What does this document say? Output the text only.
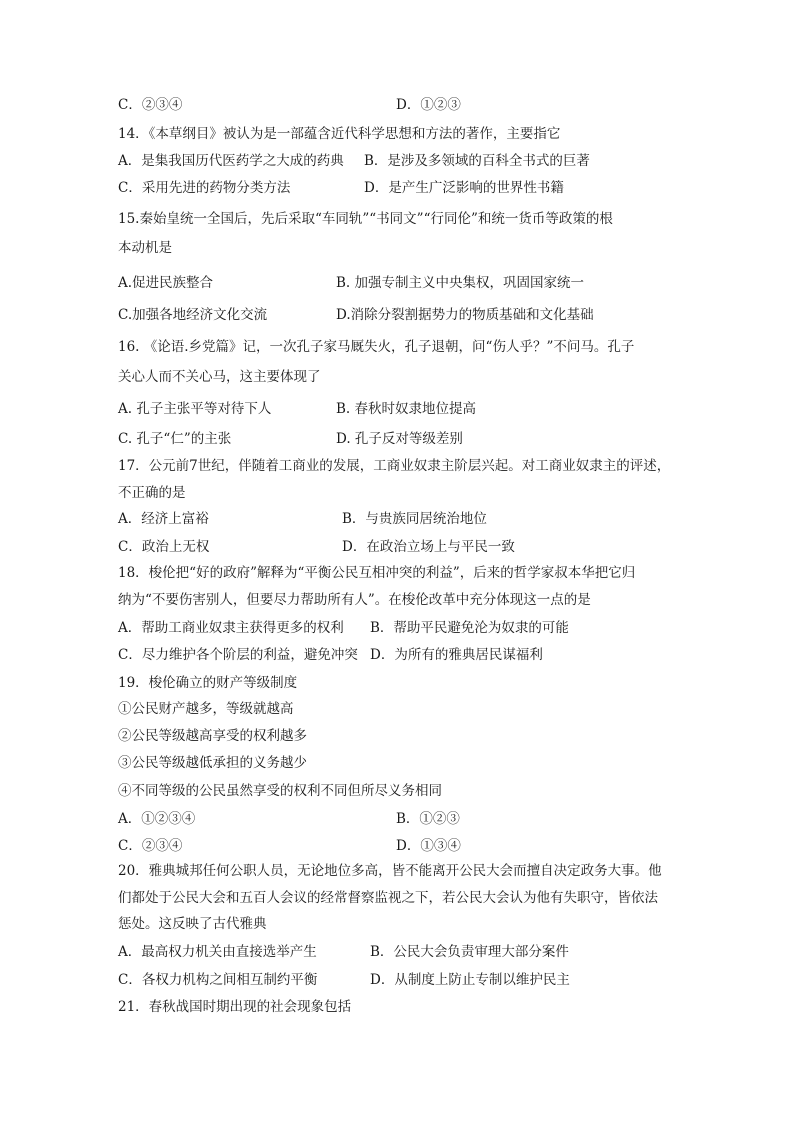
C．②③④	D．①②③
14．《本草纲目》被认为是一部蕴含近代科学思想和方法的著作，主要指它
A．是集我国历代医药学之大成的药典 B．是涉及多领域的百科全书式的巨著
C．采用先进的药物分类方法	D．是产生广泛影响的世界性书籍
15.秦始皇统一全国后，先后采取“车同轨”“书同文”“行同伦”和统一货币等政策的根
本动机是
A.促进民族整合	B. 加强专制主义中央集权，巩固国家统一
C.加强各地经济文化交流	D.消除分裂割据势力的物质基础和文化基础
16. 《论语.乡党篇》记，一次孔子家马厩失火，孔子退朝，问“伤人乎？”不问马。孔子
关心人而不关心马，这主要体现了
A. 孔子主张平等对待下人	B. 春秋时奴隶地位提高
C. 孔子“仁”的主张	D. 孔子反对等级差别
17．公元前7世纪，伴随着工商业的发展，工商业奴隶主阶层兴起。对工商业奴隶主的评述，
不正确的是
A．经济上富裕	B．与贵族同居统治地位
C．政治上无权	D．在政治立场上与平民一致
18．梭伦把“好的政府”解释为“平衡公民互相冲突的利益”，后来的哲学家叔本华把它归
纳为“不要伤害别人，但要尽力帮助所有人”。在梭伦改革中充分体现这一点的是
A．帮助工商业奴隶主获得更多的权利 B．帮助平民避免沦为奴隶的可能
C．尽力维护各个阶层的利益，避免冲突 D．为所有的雅典居民谋福利
19．梭伦确立的财产等级制度
①公民财产越多，等级就越高
②公民等级越高享受的权利越多
③公民等级越低承担的义务越少
④不同等级的公民虽然享受的权利不同但所尽义务相同
A．①②③④	B．①②③
C．②③④	D．①③④
20．雅典城邦任何公职人员，无论地位多高，皆不能离开公民大会而擅自决定政务大事。他
们都处于公民大会和五百人会议的经常督察监视之下，若公民大会认为他有失职守，皆依法
惩处。这反映了古代雅典
A．最高权力机关由直接选举产生	B．公民大会负责审理大部分案件
C．各权力机构之间相互制约平衡	D．从制度上防止专制以维护民主
21．春秋战国时期出现的社会现象包括
